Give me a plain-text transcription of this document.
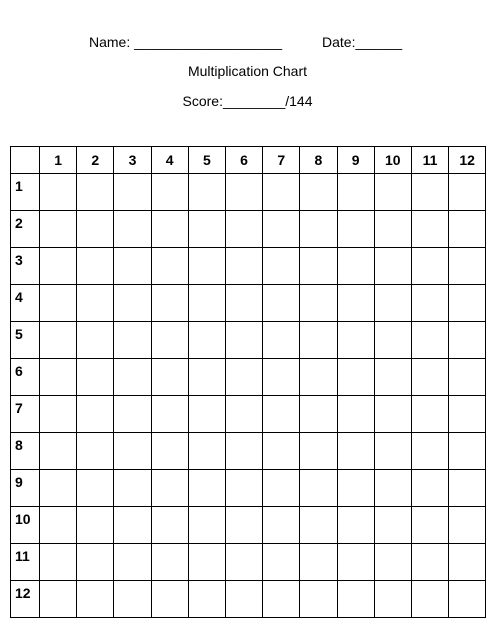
Name: ___________________	Date:______
Multiplication Chart
Score:________/144
	1	2	3	4	5	6	7	8	9	10	11	12
1												
2												
3												
4												
5												
6												
7												
8												
9												
10												
11												
12												
